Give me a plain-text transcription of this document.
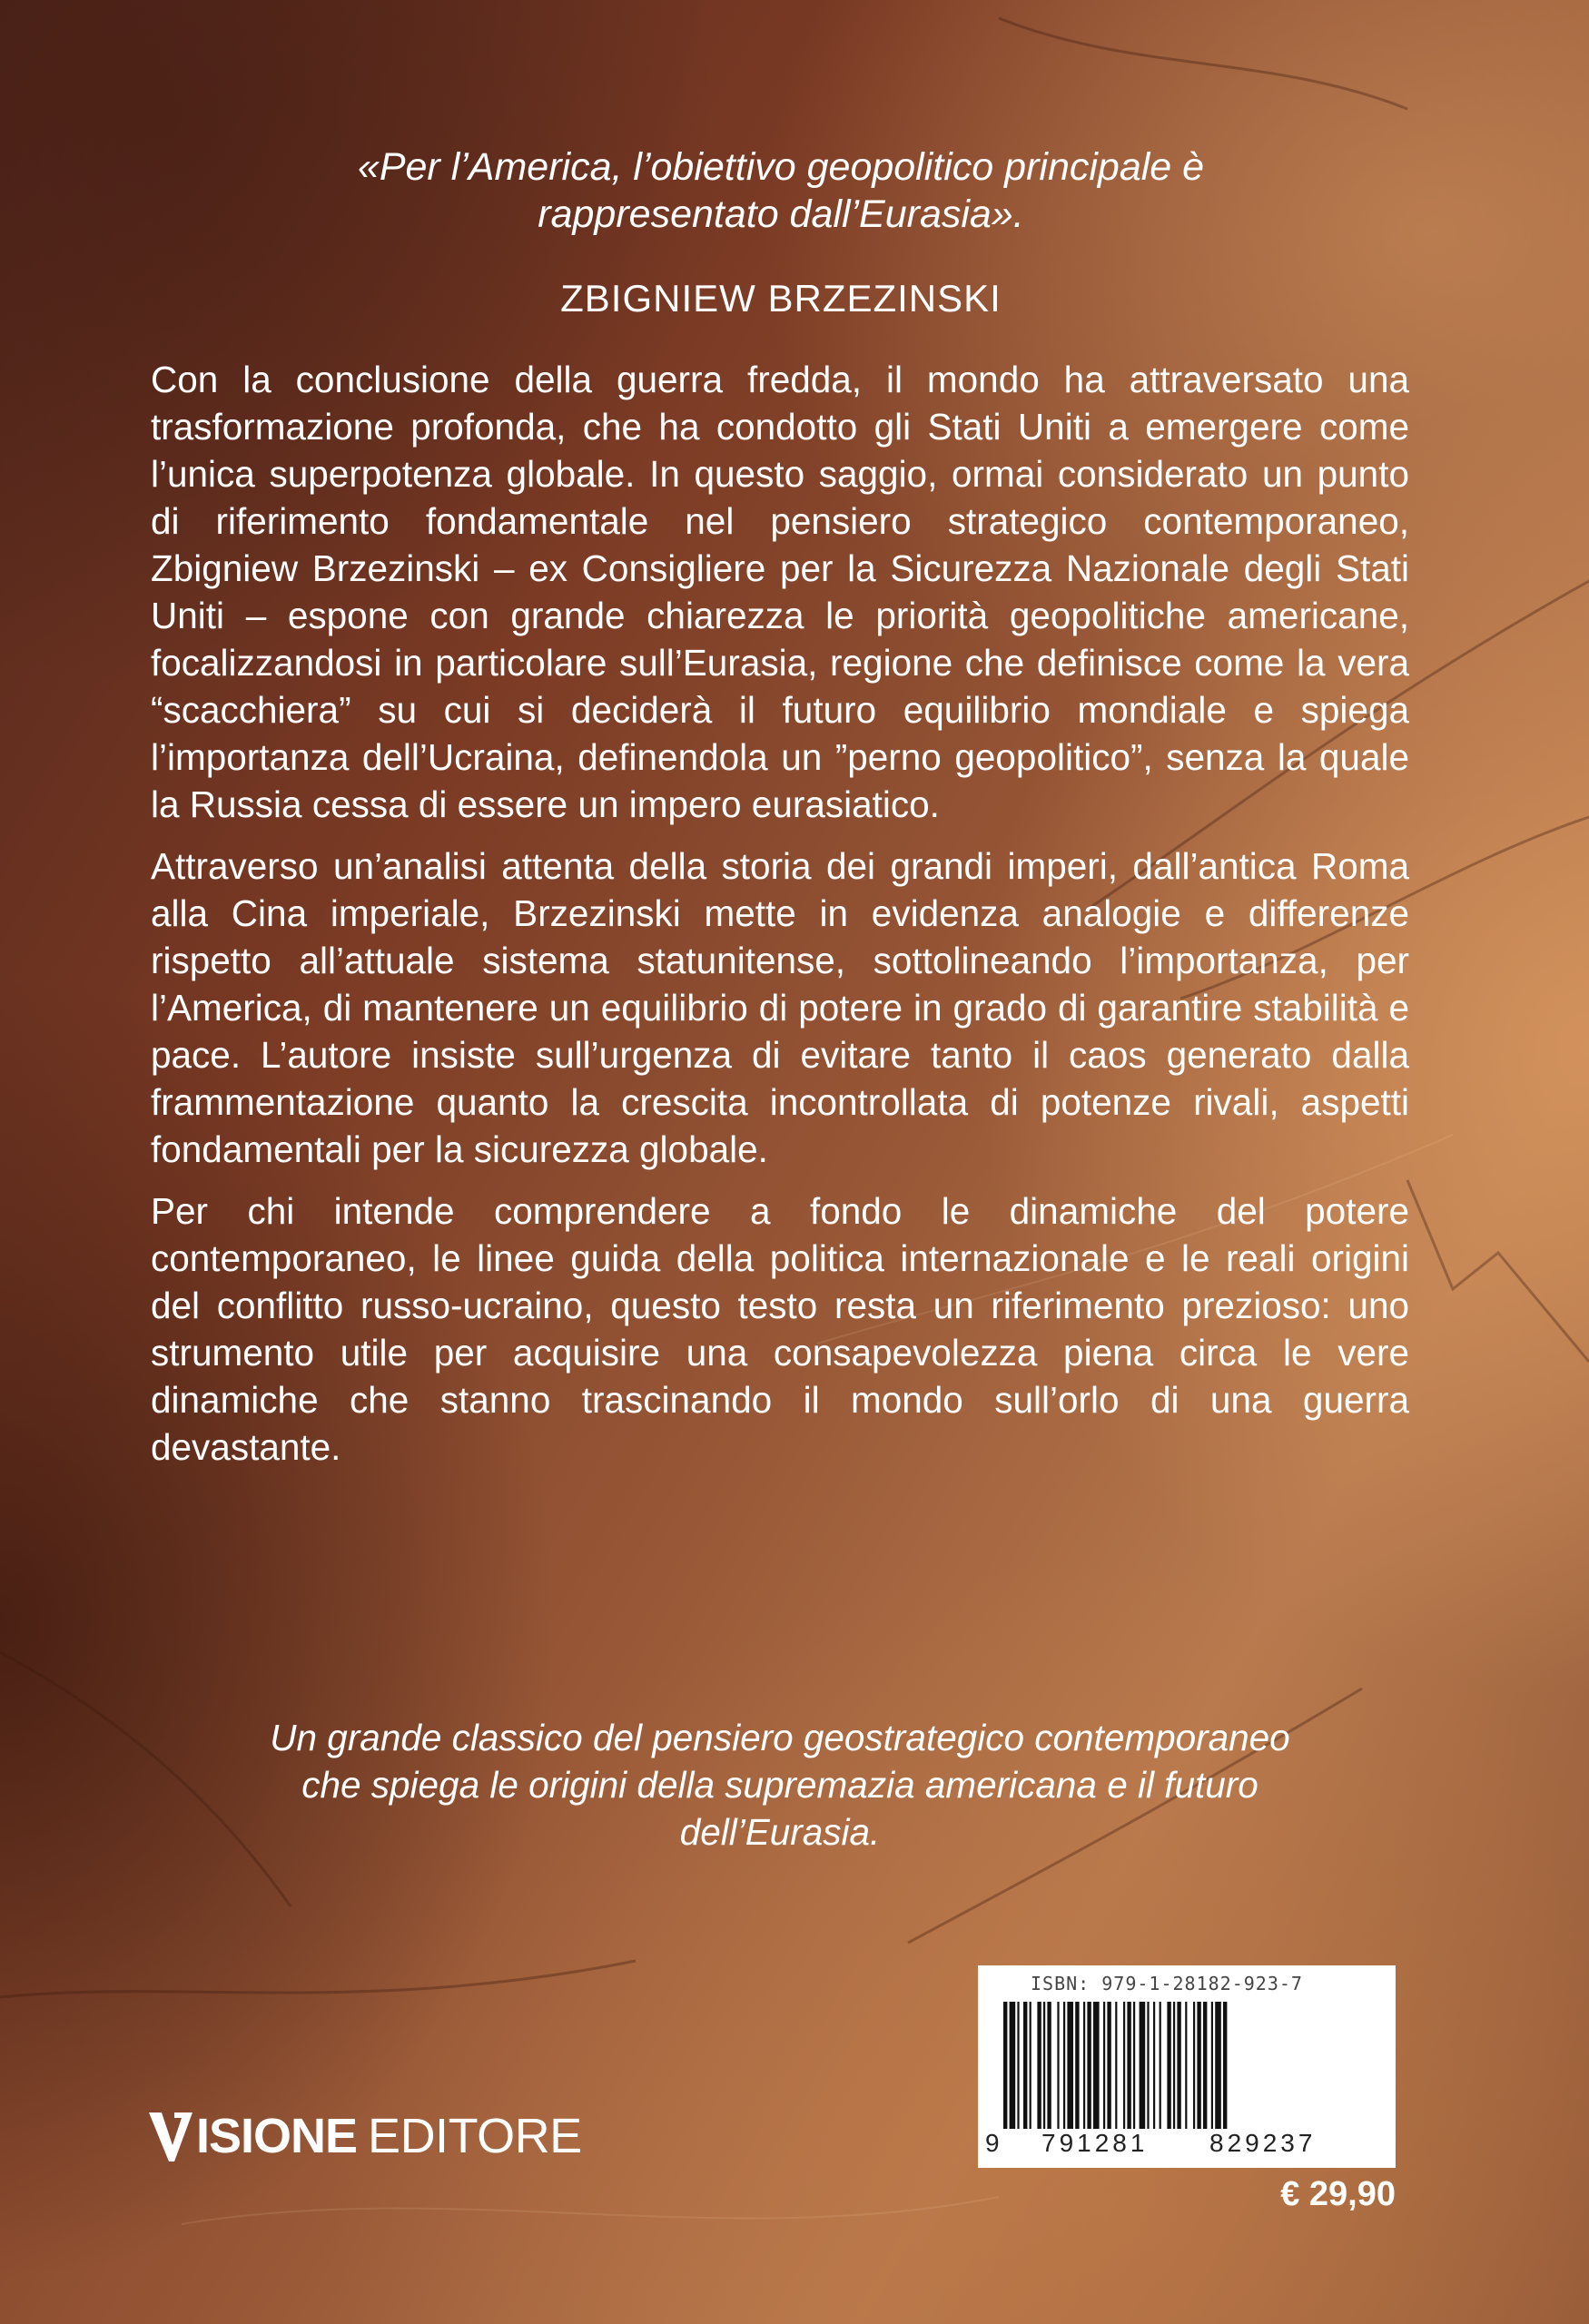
«Per l’America, l’obiettivo geopolitico principale è
rappresentato dall’Eurasia».
ZBIGNIEW BRZEZINSKI

Con la conclusione della guerra fredda, il mondo ha attraversato una trasformazione profonda, che ha condotto gli Stati Uniti a emergere come l’unica superpotenza globale. In questo saggio, ormai considerato un punto di riferimento fondamentale nel pensiero strategico contemporaneo, Zbigniew Brzezinski – ex Consigliere per la Sicurezza Nazionale degli Stati Uniti – espone con grande chiarezza le priorità geopolitiche americane, focalizzandosi in particolare sull’Eurasia, regione che definisce come la vera “scacchiera” su cui si deciderà il futuro equilibrio mondiale e spiega l’importanza dell’Ucraina, definendola un ”perno geopolitico”, senza la quale la Russia cessa di essere un impero eurasiatico.

Attraverso un’analisi attenta della storia dei grandi imperi, dall’antica Roma alla Cina imperiale, Brzezinski mette in evidenza analogie e differenze rispetto all’attuale sistema statunitense, sottolineando l’importanza, per l’America, di mantenere un equilibrio di potere in grado di garantire stabilità e pace. L’autore insiste sull’urgenza di evitare tanto il caos generato dalla frammentazione quanto la crescita incontrollata di potenze rivali, aspetti fondamentali per la sicurezza globale.

Per chi intende comprendere a fondo le dinamiche del potere contemporaneo, le linee guida della politica internazionale e le reali origini del conflitto russo-ucraino, questo testo resta un riferimento prezioso: uno strumento utile per acquisire una consapevolezza piena circa le vere dinamiche che stanno trascinando il mondo sull’orlo di una guerra devastante.

Un grande classico del pensiero geostrategico contemporaneo
che spiega le origini della supremazia americana e il futuro
dell’Eurasia.
ISIONE EDITORE
ISBN: 979-1-28182-923-7
9 791281 829237
€ 29,90
